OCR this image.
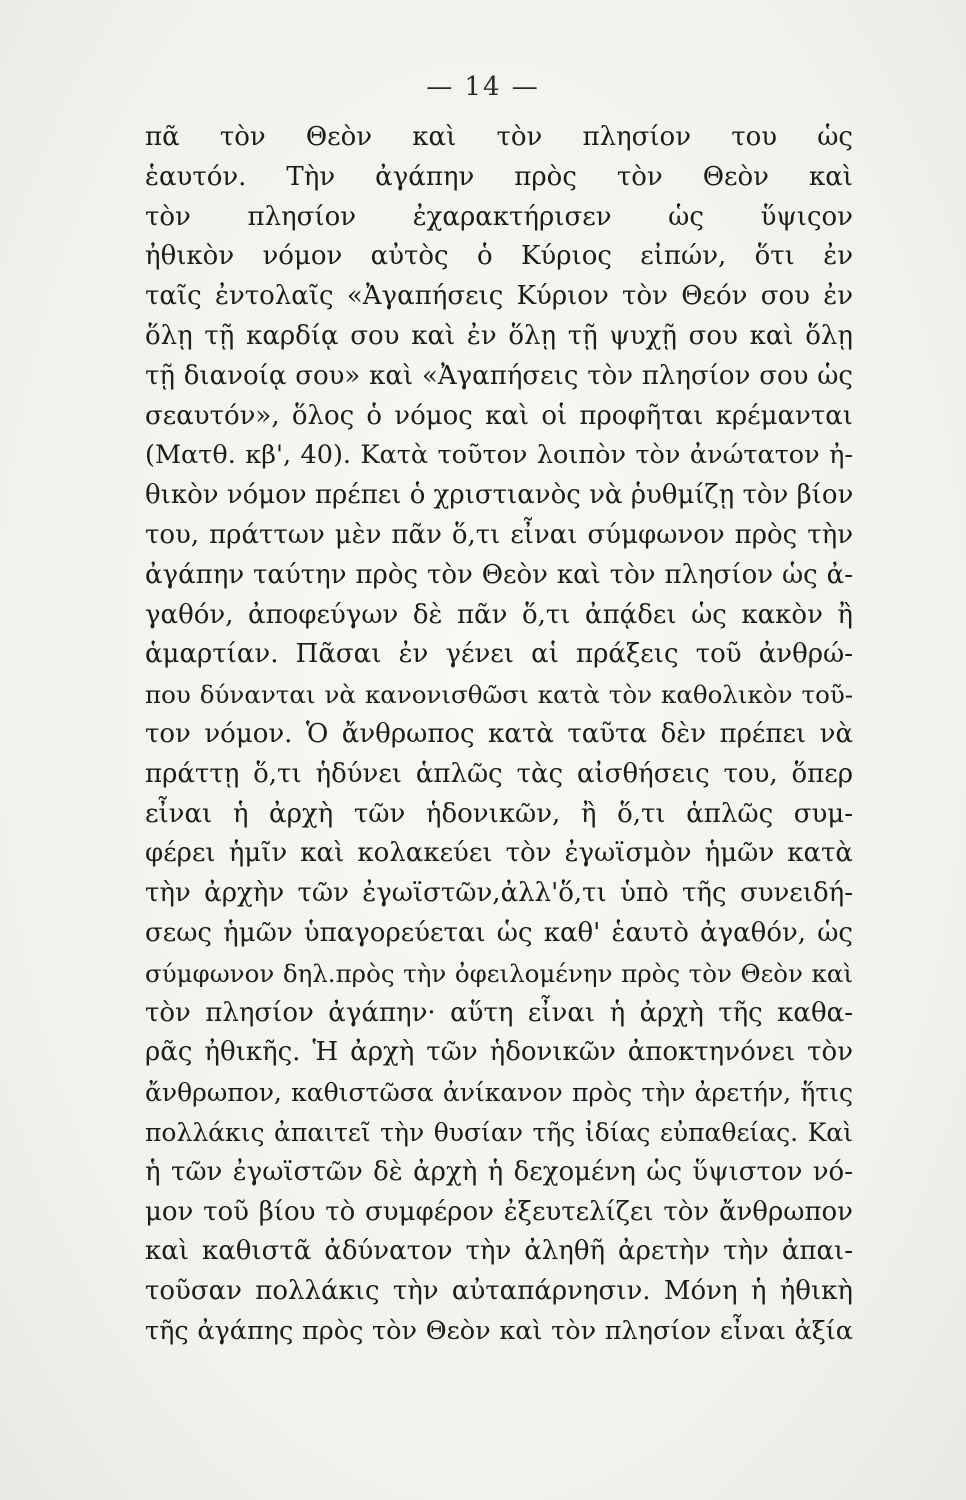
— 14 —
πᾶ τὸν Θεὸν καὶ τὸν πλησίον του ὡς
ἑαυτόν. Τὴν ἀγάπην πρὸς τὸν Θεὸν καὶ
τὸν πλησίον ἐχαρακτήρισεν ὡς ὕψιςον
ἠθικὸν νόμον αὐτὸς ὁ Κύριος εἰπών, ὅτι ἐν
ταῖς ἐντολαῖς «Ἀγαπήσεις Κύριον τὸν Θεόν σου ἐν
ὅλῃ τῇ καρδίᾳ σου καὶ ἐν ὅλῃ τῇ ψυχῇ σου καὶ ὅλῃ
τῇ διανοίᾳ σου» καὶ «Ἀγαπήσεις τὸν πλησίον σου ὡς
σεαυτόν», ὅλος ὁ νόμος καὶ οἱ προφῆται κρέμανται
(Ματθ. κβ', 40). Κατὰ τοῦτον λοιπὸν τὸν ἀνώτατον ἠ-
θικὸν νόμον πρέπει ὁ χριστιανὸς νὰ ῥυθμίζῃ τὸν βίον
του, πράττων μὲν πᾶν ὅ,τι εἶναι σύμφωνον πρὸς τὴν
ἀγάπην ταύτην πρὸς τὸν Θεὸν καὶ τὸν πλησίον ὡς ἀ-
γαθόν, ἀποφεύγων δὲ πᾶν ὅ,τι ἀπᾴδει ὡς κακὸν ἢ
ἁμαρτίαν. Πᾶσαι ἐν γένει αἱ πράξεις τοῦ ἀνθρώ-
που δύνανται νὰ κανονισθῶσι κατὰ τὸν καθολικὸν τοῦ-
τον νόμον. Ὁ ἄνθρωπος κατὰ ταῦτα δὲν πρέπει νὰ
πράττῃ ὅ,τι ἡδύνει ἁπλῶς τὰς αἰσθήσεις του, ὅπερ
εἶναι ἡ ἀρχὴ τῶν ἡδονικῶν, ἢ ὅ,τι ἁπλῶς συμ-
φέρει ἡμῖν καὶ κολακεύει τὸν ἐγωϊσμὸν ἡμῶν κατὰ
τὴν ἀρχὴν τῶν ἐγωϊστῶν,ἀλλ'ὅ,τι ὑπὸ τῆς συνειδή-
σεως ἡμῶν ὑπαγορεύεται ὡς καθ' ἑαυτὸ ἀγαθόν, ὡς
σύμφωνον δηλ.πρὸς τὴν ὀφειλομένην πρὸς τὸν Θεὸν καὶ
τὸν πλησίον ἀγάπην· αὕτη εἶναι ἡ ἀρχὴ τῆς καθα-
ρᾶς ἠθικῆς. Ἡ ἀρχὴ τῶν ἡδονικῶν ἀποκτηνόνει τὸν
ἄνθρωπον, καθιστῶσα ἀνίκανον πρὸς τὴν ἀρετήν, ἥτις
πολλάκις ἀπαιτεῖ τὴν θυσίαν τῆς ἰδίας εὐπαθείας. Καὶ
ἡ τῶν ἐγωϊστῶν δὲ ἀρχὴ ἡ δεχομένη ὡς ὕψιστον νό-
μον τοῦ βίου τὸ συμφέρον ἐξευτελίζει τὸν ἄνθρωπον
καὶ καθιστᾶ ἀδύνατον τὴν ἀληθῆ ἀρετὴν τὴν ἀπαι-
τοῦσαν πολλάκις τὴν αὐταπάρνησιν. Μόνη ἡ ἠθικὴ
τῆς ἀγάπης πρὸς τὸν Θεὸν καὶ τὸν πλησίον εἶναι ἀξία
